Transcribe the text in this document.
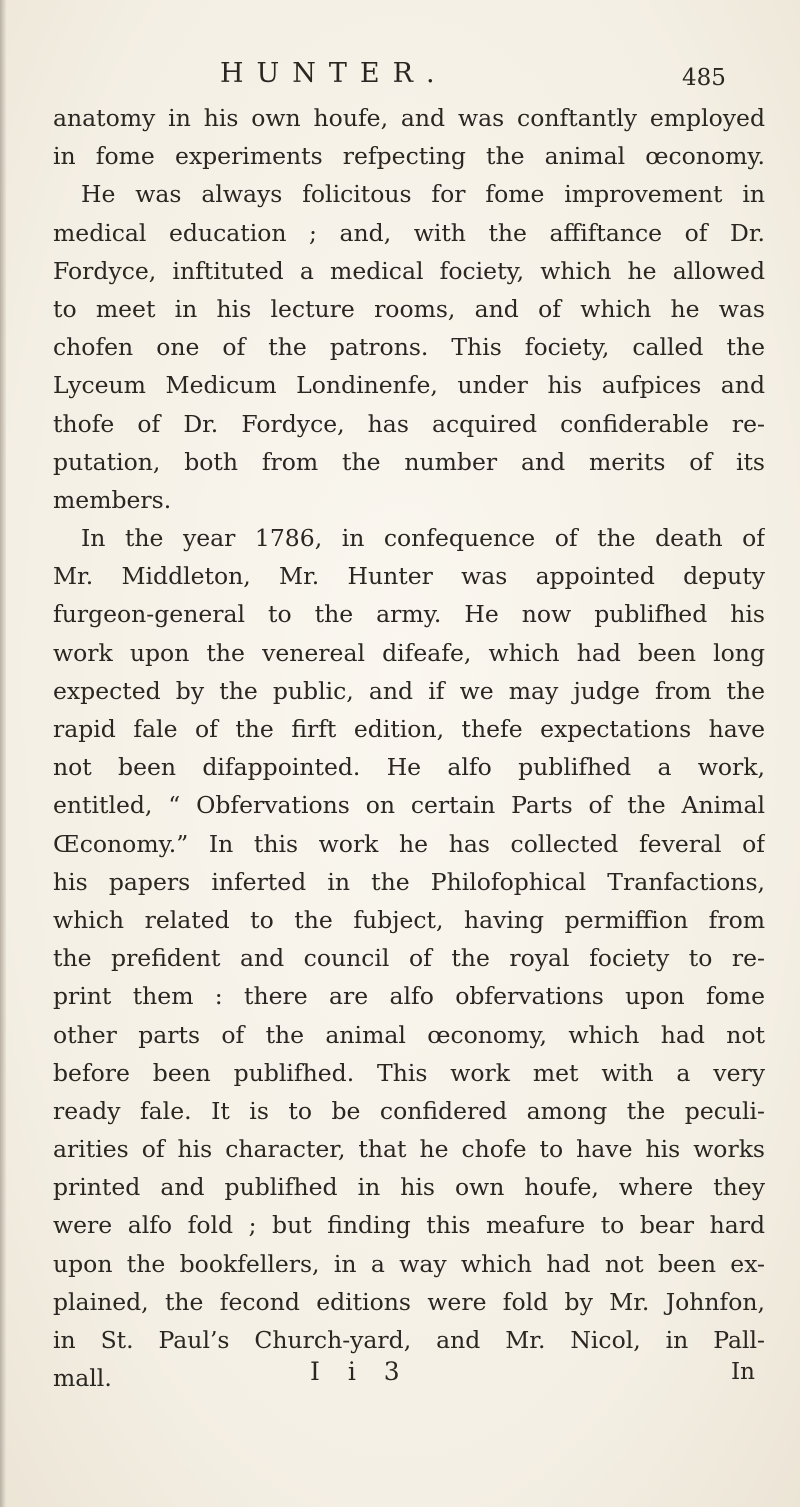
HUNTER.	485
anatomy in his own houfe, and was conftantly employed
in fome experiments refpecting the animal œconomy.
He was always folicitous for fome improvement in
medical education ; and, with the affiftance of Dr.
Fordyce, inftituted a medical fociety, which he allowed
to meet in his lecture rooms, and of which he was
chofen one of the patrons. This fociety, called the
Lyceum Medicum Londinenfe, under his aufpices and
thofe of Dr. Fordyce, has acquired confiderable re-
putation, both from the number and merits of its
members.
In the year 1786, in confequence of the death of
Mr. Middleton, Mr. Hunter was appointed deputy
furgeon-general to the army. He now publifhed his
work upon the venereal difeafe, which had been long
expected by the public, and if we may judge from the
rapid fale of the firft edition, thefe expectations have
not been difappointed. He alfo publifhed a work,
entitled, “ Obfervations on certain Parts of the Animal
Œconomy.” In this work he has collected feveral of
his papers inferted in the Philofophical Tranfactions,
which related to the fubject, having permiffion from
the prefident and council of the royal fociety to re-
print them : there are alfo obfervations upon fome
other parts of the animal œconomy, which had not
before been publifhed. This work met with a very
ready fale. It is to be confidered among the peculi-
arities of his character, that he chofe to have his works
printed and publifhed in his own houfe, where they
were alfo fold ; but finding this meafure to bear hard
upon the bookfellers, in a way which had not been ex-
plained, the fecond editions were fold by Mr. Johnfon,
in St. Paul’s Church-yard, and Mr. Nicol, in Pall-
mall.	I i 3	In
